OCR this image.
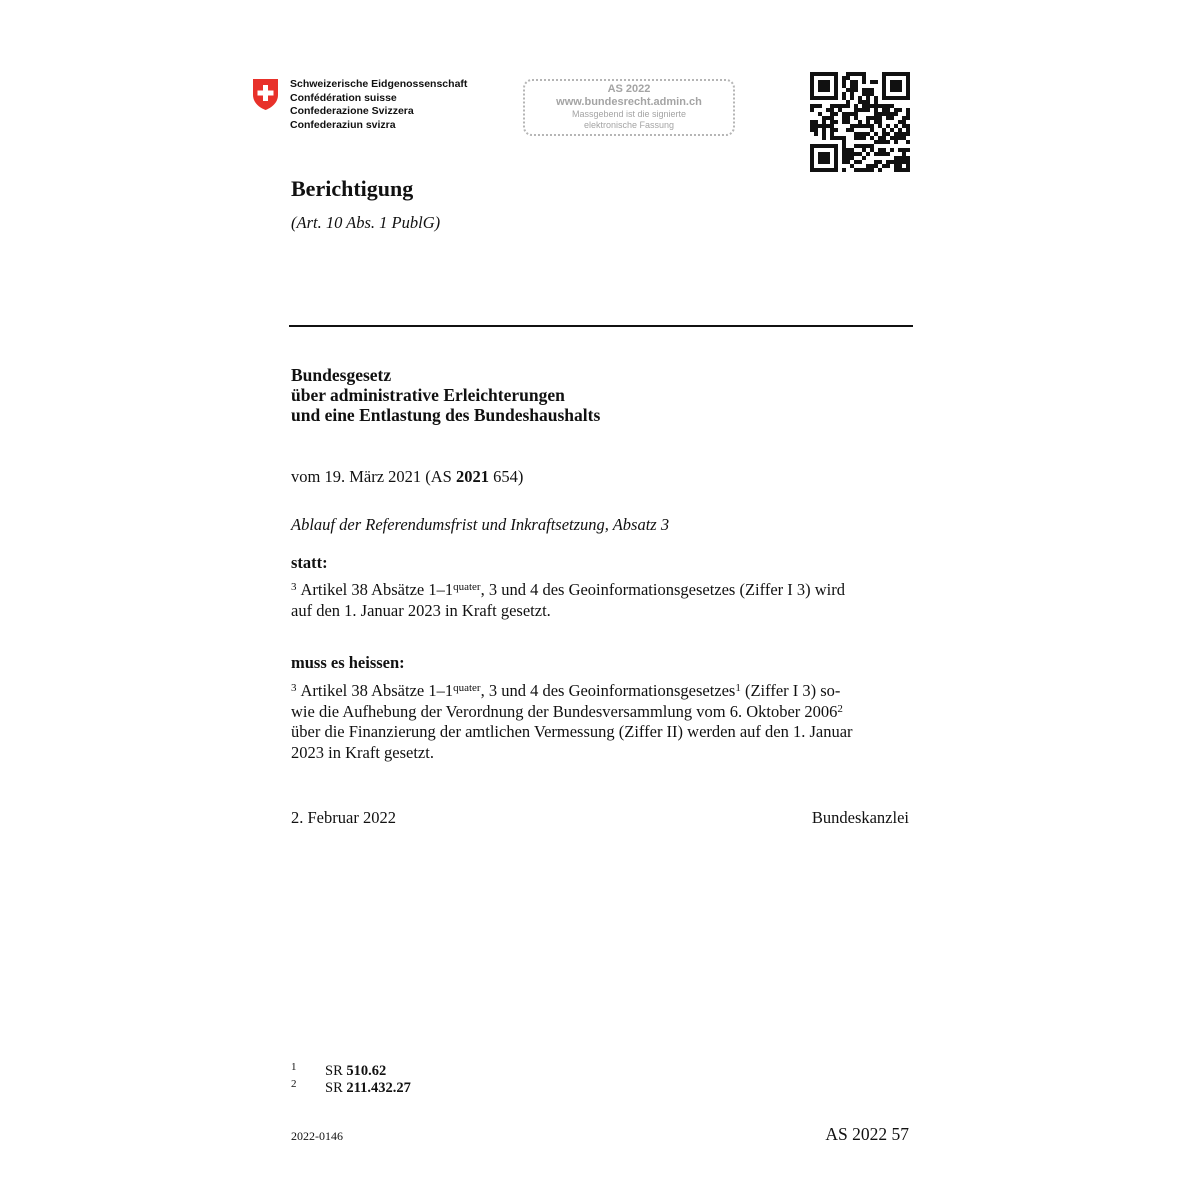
Schweizerische Eidgenossenschaft
Confédération suisse
Confederazione Svizzera
Confederaziun svizra
AS 2022
www.bundesrecht.admin.ch
Massgebend ist die signierte
elektronische Fassung
Berichtigung
(Art. 10 Abs. 1 PublG)
Bundesgesetz
über administrative Erleichterungen
und eine Entlastung des Bundeshaushalts
vom 19. März 2021 (AS 2021 654)
Ablauf der Referendumsfrist und Inkraftsetzung, Absatz 3
statt:
$^3$ Artikel 38 Absätze $1-1^{quater}$, 3 und 4 des Geoinformationsgesetzes (Ziffer I 3) wird
auf den 1. Januar 2023 in Kraft gesetzt.
muss es heissen:
$^3$ Artikel 38 Absätze $1-1^{quater}$, 3 und 4 des Geoinformationsgesetzes$^1$ (Ziffer I 3) so-
wie die Aufhebung der Verordnung der Bundesversammlung vom 6. Oktober 2006$^2$
über die Finanzierung der amtlichen Vermessung (Ziffer II) werden auf den 1. Januar
2023 in Kraft gesetzt.
2. Februar 2022	Bundeskanzlei
1 SR 510.62
2 SR 211.432.27
2022-0146	AS 2022 57
